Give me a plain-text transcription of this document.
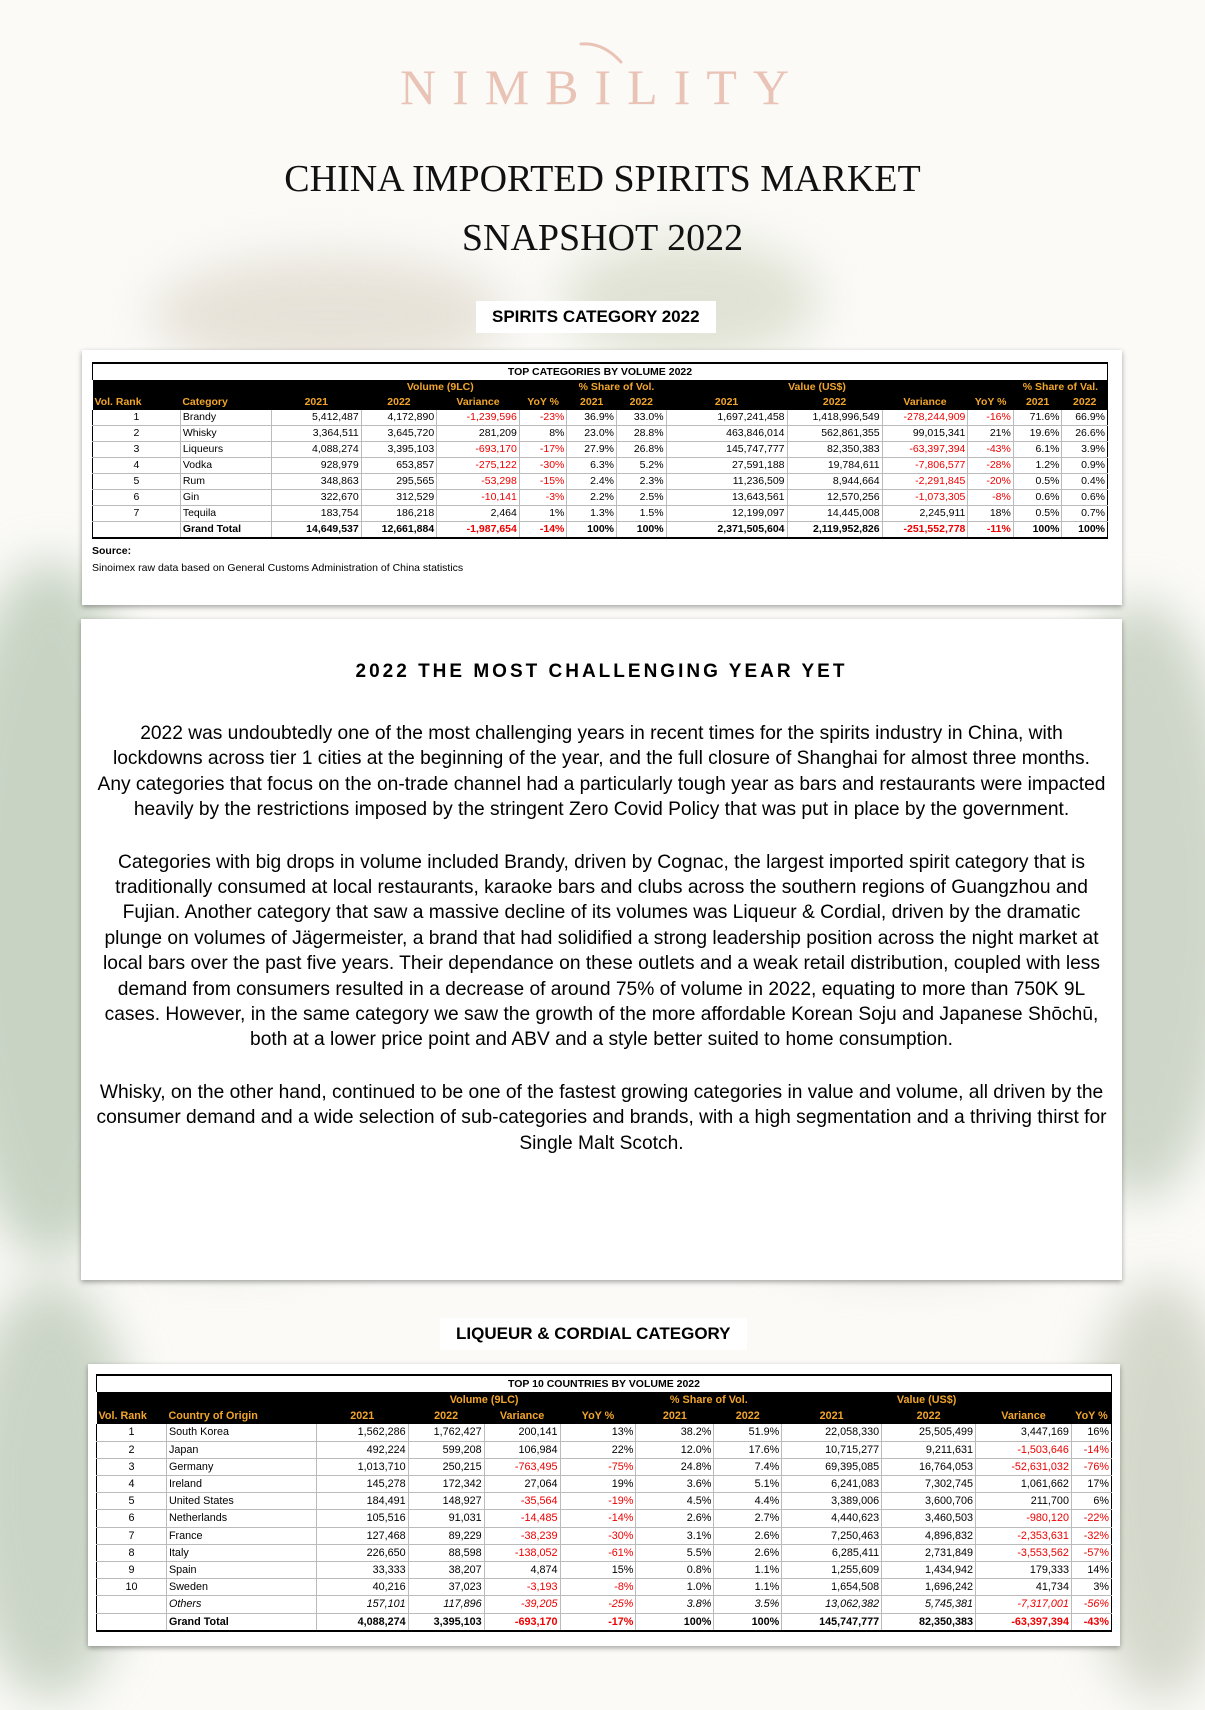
NIMBILITY
CHINA IMPORTED SPIRITS MARKET
SNAPSHOT 2022
SPIRITS CATEGORY 2022
TOP CATEGORIES BY VOLUME 2022
			Volume (9LC)			% Share of Vol.		Value (US$)				% Share of Val.	
Vol. Rank	Category	2021	2022	Variance	YoY %	2021	2022	2021	2022	Variance	YoY %	2021	2022
1	Brandy	5,412,487	4,172,890	-1,239,596	-23%	36.9%	33.0%	1,697,241,458	1,418,996,549	-278,244,909	-16%	71.6%	66.9%
2	Whisky	3,364,511	3,645,720	281,209	8%	23.0%	28.8%	463,846,014	562,861,355	99,015,341	21%	19.6%	26.6%
3	Liqueurs	4,088,274	3,395,103	-693,170	-17%	27.9%	26.8%	145,747,777	82,350,383	-63,397,394	-43%	6.1%	3.9%
4	Vodka	928,979	653,857	-275,122	-30%	6.3%	5.2%	27,591,188	19,784,611	-7,806,577	-28%	1.2%	0.9%
5	Rum	348,863	295,565	-53,298	-15%	2.4%	2.3%	11,236,509	8,944,664	-2,291,845	-20%	0.5%	0.4%
6	Gin	322,670	312,529	-10,141	-3%	2.2%	2.5%	13,643,561	12,570,256	-1,073,305	-8%	0.6%	0.6%
7	Tequila	183,754	186,218	2,464	1%	1.3%	1.5%	12,199,097	14,445,008	2,245,911	18%	0.5%	0.7%
	Grand Total	14,649,537	12,661,884	-1,987,654	-14%	100%	100%	2,371,505,604	2,119,952,826	-251,552,778	-11%	100%	100%
Source:
Sinoimex raw data based on General Customs Administration of China statistics
2022 THE MOST CHALLENGING YEAR YET

2022 was undoubtedly one of the most challenging years in recent times for the spirits industry in China, with lockdowns across tier 1 cities at the beginning of the year, and the full closure of Shanghai for almost three months. Any categories that focus on the on-trade channel had a particularly tough year as bars and restaurants were impacted heavily by the restrictions imposed by the stringent Zero Covid Policy that was put in place by the government.

Categories with big drops in volume included Brandy, driven by Cognac, the largest imported spirit category that is traditionally consumed at local restaurants, karaoke bars and clubs across the southern regions of Guangzhou and Fujian. Another category that saw a massive decline of its volumes was Liqueur & Cordial, driven by the dramatic plunge on volumes of Jägermeister, a brand that had solidified a strong leadership position across the night market at local bars over the past five years. Their dependance on these outlets and a weak retail distribution, coupled with less demand from consumers resulted in a decrease of around 75% of volume in 2022, equating to more than 750K 9L cases. However, in the same category we saw the growth of the more affordable Korean Soju and Japanese Shōchū, both at a lower price point and ABV and a style better suited to home consumption.

Whisky, on the other hand, continued to be one of the fastest growing categories in value and volume, all driven by the consumer demand and a wide selection of sub-categories and brands, with a high segmentation and a thriving thirst for Single Malt Scotch.

LIQUEUR & CORDIAL CATEGORY
TOP 10 COUNTRIES BY VOLUME 2022
			Volume (9LC)			% Share of Vol.		Value (US$)			
Vol. Rank	Country of Origin	2021	2022	Variance	YoY %	2021	2022	2021	2022	Variance	YoY %
1	South Korea	1,562,286	1,762,427	200,141	13%	38.2%	51.9%	22,058,330	25,505,499	3,447,169	16%
2	Japan	492,224	599,208	106,984	22%	12.0%	17.6%	10,715,277	9,211,631	-1,503,646	-14%
3	Germany	1,013,710	250,215	-763,495	-75%	24.8%	7.4%	69,395,085	16,764,053	-52,631,032	-76%
4	Ireland	145,278	172,342	27,064	19%	3.6%	5.1%	6,241,083	7,302,745	1,061,662	17%
5	United States	184,491	148,927	-35,564	-19%	4.5%	4.4%	3,389,006	3,600,706	211,700	6%
6	Netherlands	105,516	91,031	-14,485	-14%	2.6%	2.7%	4,440,623	3,460,503	-980,120	-22%
7	France	127,468	89,229	-38,239	-30%	3.1%	2.6%	7,250,463	4,896,832	-2,353,631	-32%
8	Italy	226,650	88,598	-138,052	-61%	5.5%	2.6%	6,285,411	2,731,849	-3,553,562	-57%
9	Spain	33,333	38,207	4,874	15%	0.8%	1.1%	1,255,609	1,434,942	179,333	14%
10	Sweden	40,216	37,023	-3,193	-8%	1.0%	1.1%	1,654,508	1,696,242	41,734	3%
	Others	157,101	117,896	-39,205	-25%	3.8%	3.5%	13,062,382	5,745,381	-7,317,001	-56%
	Grand Total	4,088,274	3,395,103	-693,170	-17%	100%	100%	145,747,777	82,350,383	-63,397,394	-43%
